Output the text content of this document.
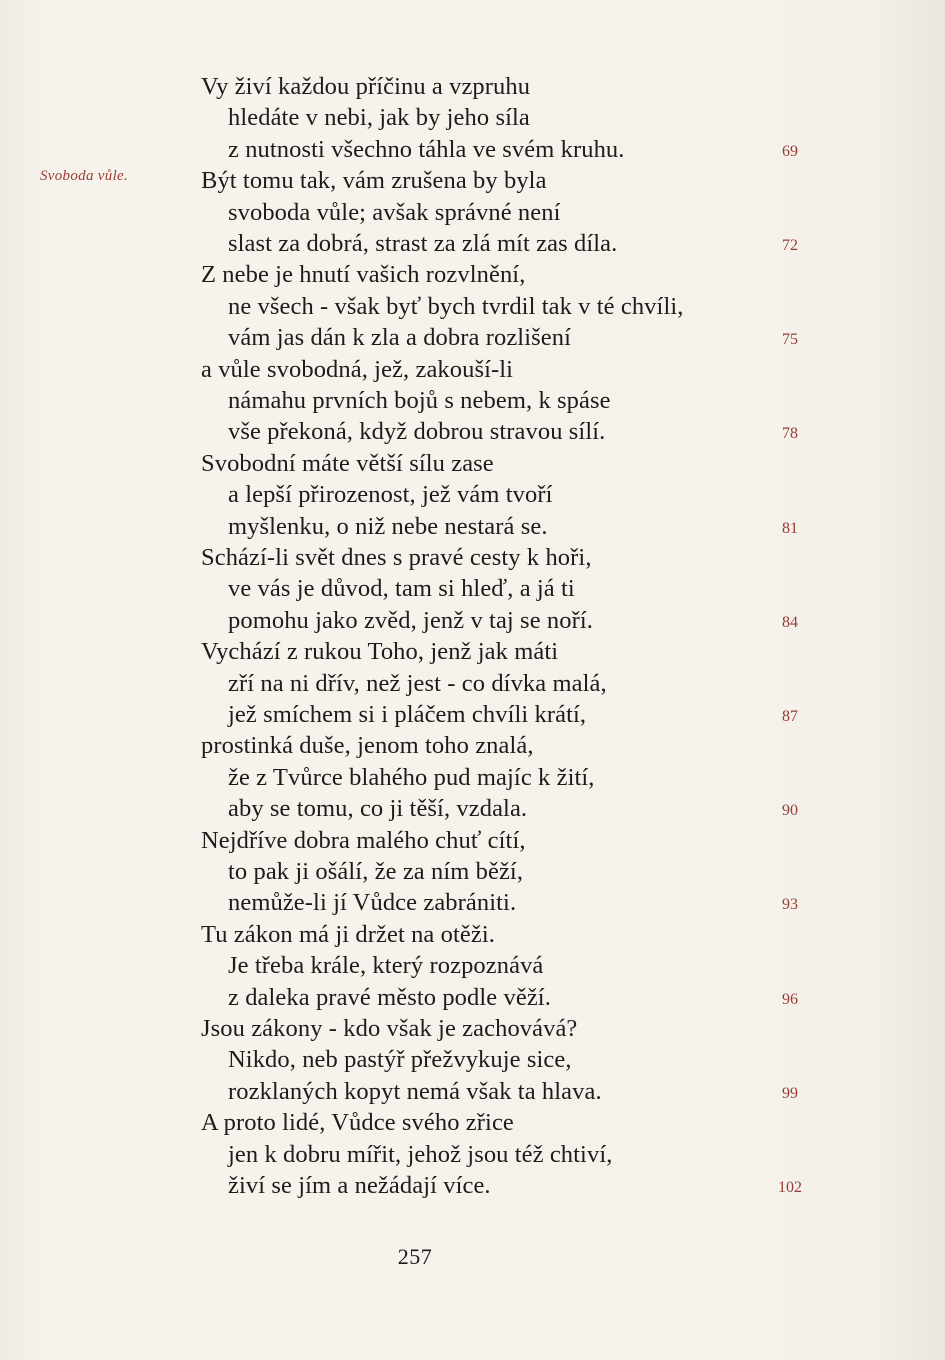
Svoboda vůle.
Vy živí každou příčinu a vzpruhu
hledáte v nebi, jak by jeho síla
z nutnosti všechno táhla ve svém kruhu.	69
Být tomu tak, vám zrušena by byla
svoboda vůle; avšak správné není
slast za dobrá, strast za zlá mít zas díla.	72
Z nebe je hnutí vašich rozvlnění,
ne všech - však byť bych tvrdil tak v té chvíli,
vám jas dán k zla a dobra rozlišení	75
a vůle svobodná, jež, zakouší-li
námahu prvních bojů s nebem, k spáse
vše překoná, když dobrou stravou sílí.	78
Svobodní máte větší sílu zase
a lepší přirozenost, jež vám tvoří
myšlenku, o niž nebe nestará se.	81
Schází-li svět dnes s pravé cesty k hoři,
ve vás je důvod, tam si hleď, a já ti
pomohu jako zvěd, jenž v taj se noří.	84
Vychází z rukou Toho, jenž jak máti
zří na ni dřív, než jest - co dívka malá,
jež smíchem si i pláčem chvíli krátí,	87
prostinká duše, jenom toho znalá,
že z Tvůrce blahého pud majíc k žití,
aby se tomu, co ji těší, vzdala.	90
Nejdříve dobra malého chuť cítí,
to pak ji ošálí, že za ním běží,
nemůže-li jí Vůdce zabrániti.	93
Tu zákon má ji držet na otěži.
Je třeba krále, který rozpoznává
z daleka pravé město podle věží.	96
Jsou zákony - kdo však je zachovává?
Nikdo, neb pastýř přežvykuje sice,
rozklaných kopyt nemá však ta hlava.	99
A proto lidé, Vůdce svého zřice
jen k dobru mířit, jehož jsou též chtiví,
živí se jím a nežádají více.	102
257
